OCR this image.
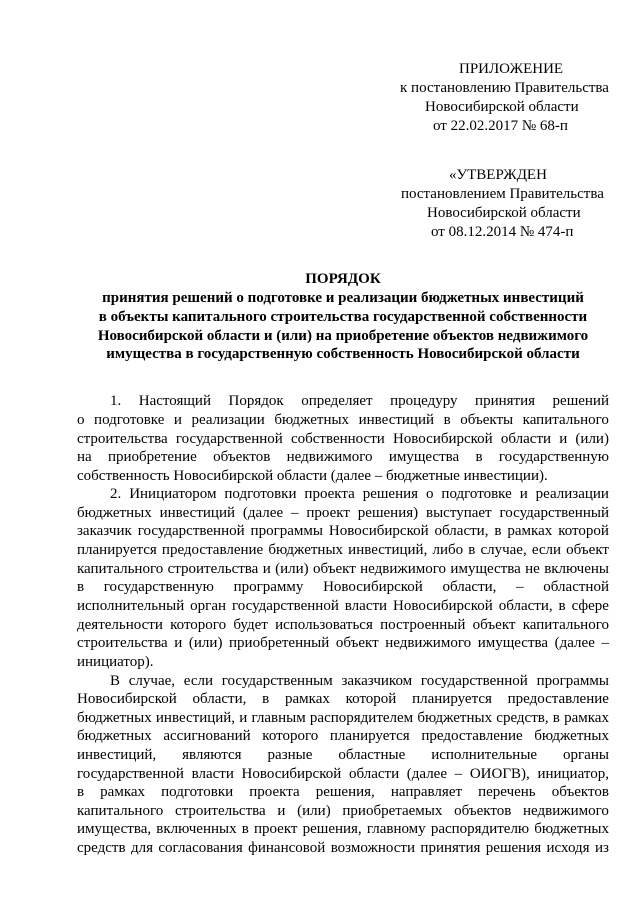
ПРИЛОЖЕНИЕ
к постановлению Правительства
Новосибирской области
от 22.02.2017 № 68-п
«УТВЕРЖДЕН
постановлением Правительства
Новосибирской области
от 08.12.2014 № 474-п
ПОРЯДОК
принятия решений о подготовке и реализации бюджетных инвестиций
в объекты капитального строительства государственной собственности
Новосибирской области и (или) на приобретение объектов недвижимого
имущества в государственную собственность Новосибирской области
1. Настоящий Порядок определяет процедуру принятия решений
о подготовке и реализации бюджетных инвестиций в объекты капитального
строительства государственной собственности Новосибирской области и (или)
на приобретение объектов недвижимого имущества в государственную
собственность Новосибирской области (далее – бюджетные инвестиции).
2. Инициатором подготовки проекта решения о подготовке и реализации
бюджетных инвестиций (далее – проект решения) выступает государственный
заказчик государственной программы Новосибирской области, в рамках которой
планируется предоставление бюджетных инвестиций, либо в случае, если объект
капитального строительства и (или) объект недвижимого имущества не включены
в государственную программу Новосибирской области, – областной
исполнительный орган государственной власти Новосибирской области, в сфере
деятельности которого будет использоваться построенный объект капитального
строительства и (или) приобретенный объект недвижимого имущества (далее –
инициатор).
В случае, если государственным заказчиком государственной программы
Новосибирской области, в рамках которой планируется предоставление
бюджетных инвестиций, и главным распорядителем бюджетных средств, в рамках
бюджетных ассигнований которого планируется предоставление бюджетных
инвестиций, являются разные областные исполнительные органы
государственной власти Новосибирской области (далее – ОИОГВ), инициатор,
в рамках подготовки проекта решения, направляет перечень объектов
капитального строительства и (или) приобретаемых объектов недвижимого
имущества, включенных в проект решения, главному распорядителю бюджетных
средств для согласования финансовой возможности принятия решения исходя из
